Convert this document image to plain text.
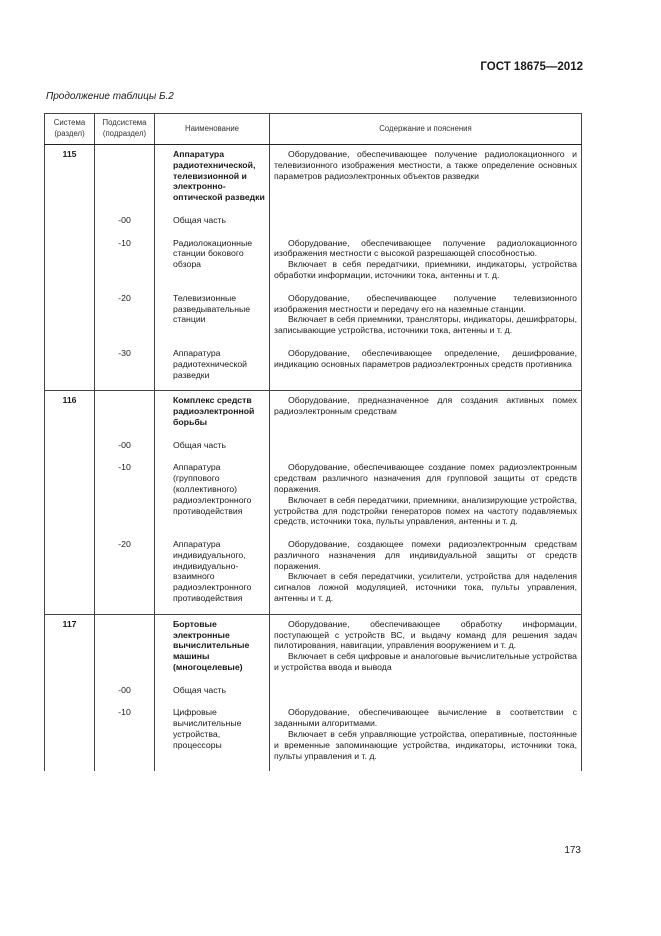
ГОСТ 18675—2012
Продолжение таблицы Б.2
Система (раздел)	Подсистема (подраздел)	Наименование	Содержание и пояснения
115		Аппаратура радиотехнической, телевизионной и электронно-оптической разведки	Оборудование, обеспечивающее получение радиолокационного и телевизионного изображения местности, а также определение основных параметров радиоэлектронных объектов разведки

	-00	Общая часть	

	-10	Радиолокационные станции бокового обзора	Оборудование, обеспечивающее получение радиолокационного изображения местности с высокой разрешающей способностью.

Включает в себя передатчики, приемники, индикаторы, устройства обработки информации, источники тока, антенны и т. д.

	-20	Телевизионные разведывательные станции	Оборудование, обеспечивающее получение телевизионного изображения местности и передачу его на наземные станции.

Включает в себя приемники, трансляторы, индикаторы, дешифраторы, записывающие устройства, источники тока, антенны и т. д.

	-30	Аппаратура радиотехнической разведки	Оборудование, обеспечивающее определение, дешифрование, индикацию основных параметров радиоэлектронных средств противника

116		Комплекс средств радиоэлектронной борьбы	Оборудование, предназначенное для создания активных помех радиоэлектронным средствам

	-00	Общая часть	

	-10	Аппаратура (группового (коллективного) радиоэлектронного противодействия	Оборудование, обеспечивающее создание помех радиоэлектронным средствам различного назначения для групповой защиты от средств поражения.

Включает в себя передатчики, приемники, анализирующие устройства, устройства для подстройки генераторов помех на частоту подавляемых средств, источники тока, пульты управления, антенны и т. д.

	-20	Аппаратура индивидуального, индивидуально-взаимного радиоэлектронного противодействия	Оборудование, создающее помехи радиоэлектронным средствам различного назначения для индивидуальной защиты от средств поражения.

Включает в себя передатчики, усилители, устройства для наделения сигналов ложной модуляцией, источники тока, пульты управления, антенны и т. д.

117		Бортовые электронные вычислительные машины (многоцелевые)	Оборудование, обеспечивающее обработку информации, поступающей с устройств ВС, и выдачу команд для решения задач пилотирования, навигации, управления вооружением и т. д.

Включает в себя цифровые и аналоговые вычислительные устройства и устройства ввода и вывода

	-00	Общая часть	

	-10	Цифровые вычислительные устройства, процессоры	Оборудование, обеспечивающее вычисление в соответствии с заданными алгоритмами.

Включает в себя управляющие устройства, оперативные, постоянные и временные запоминающие устройства, индикаторы, источники тока, пульты управления и т. д.

173
